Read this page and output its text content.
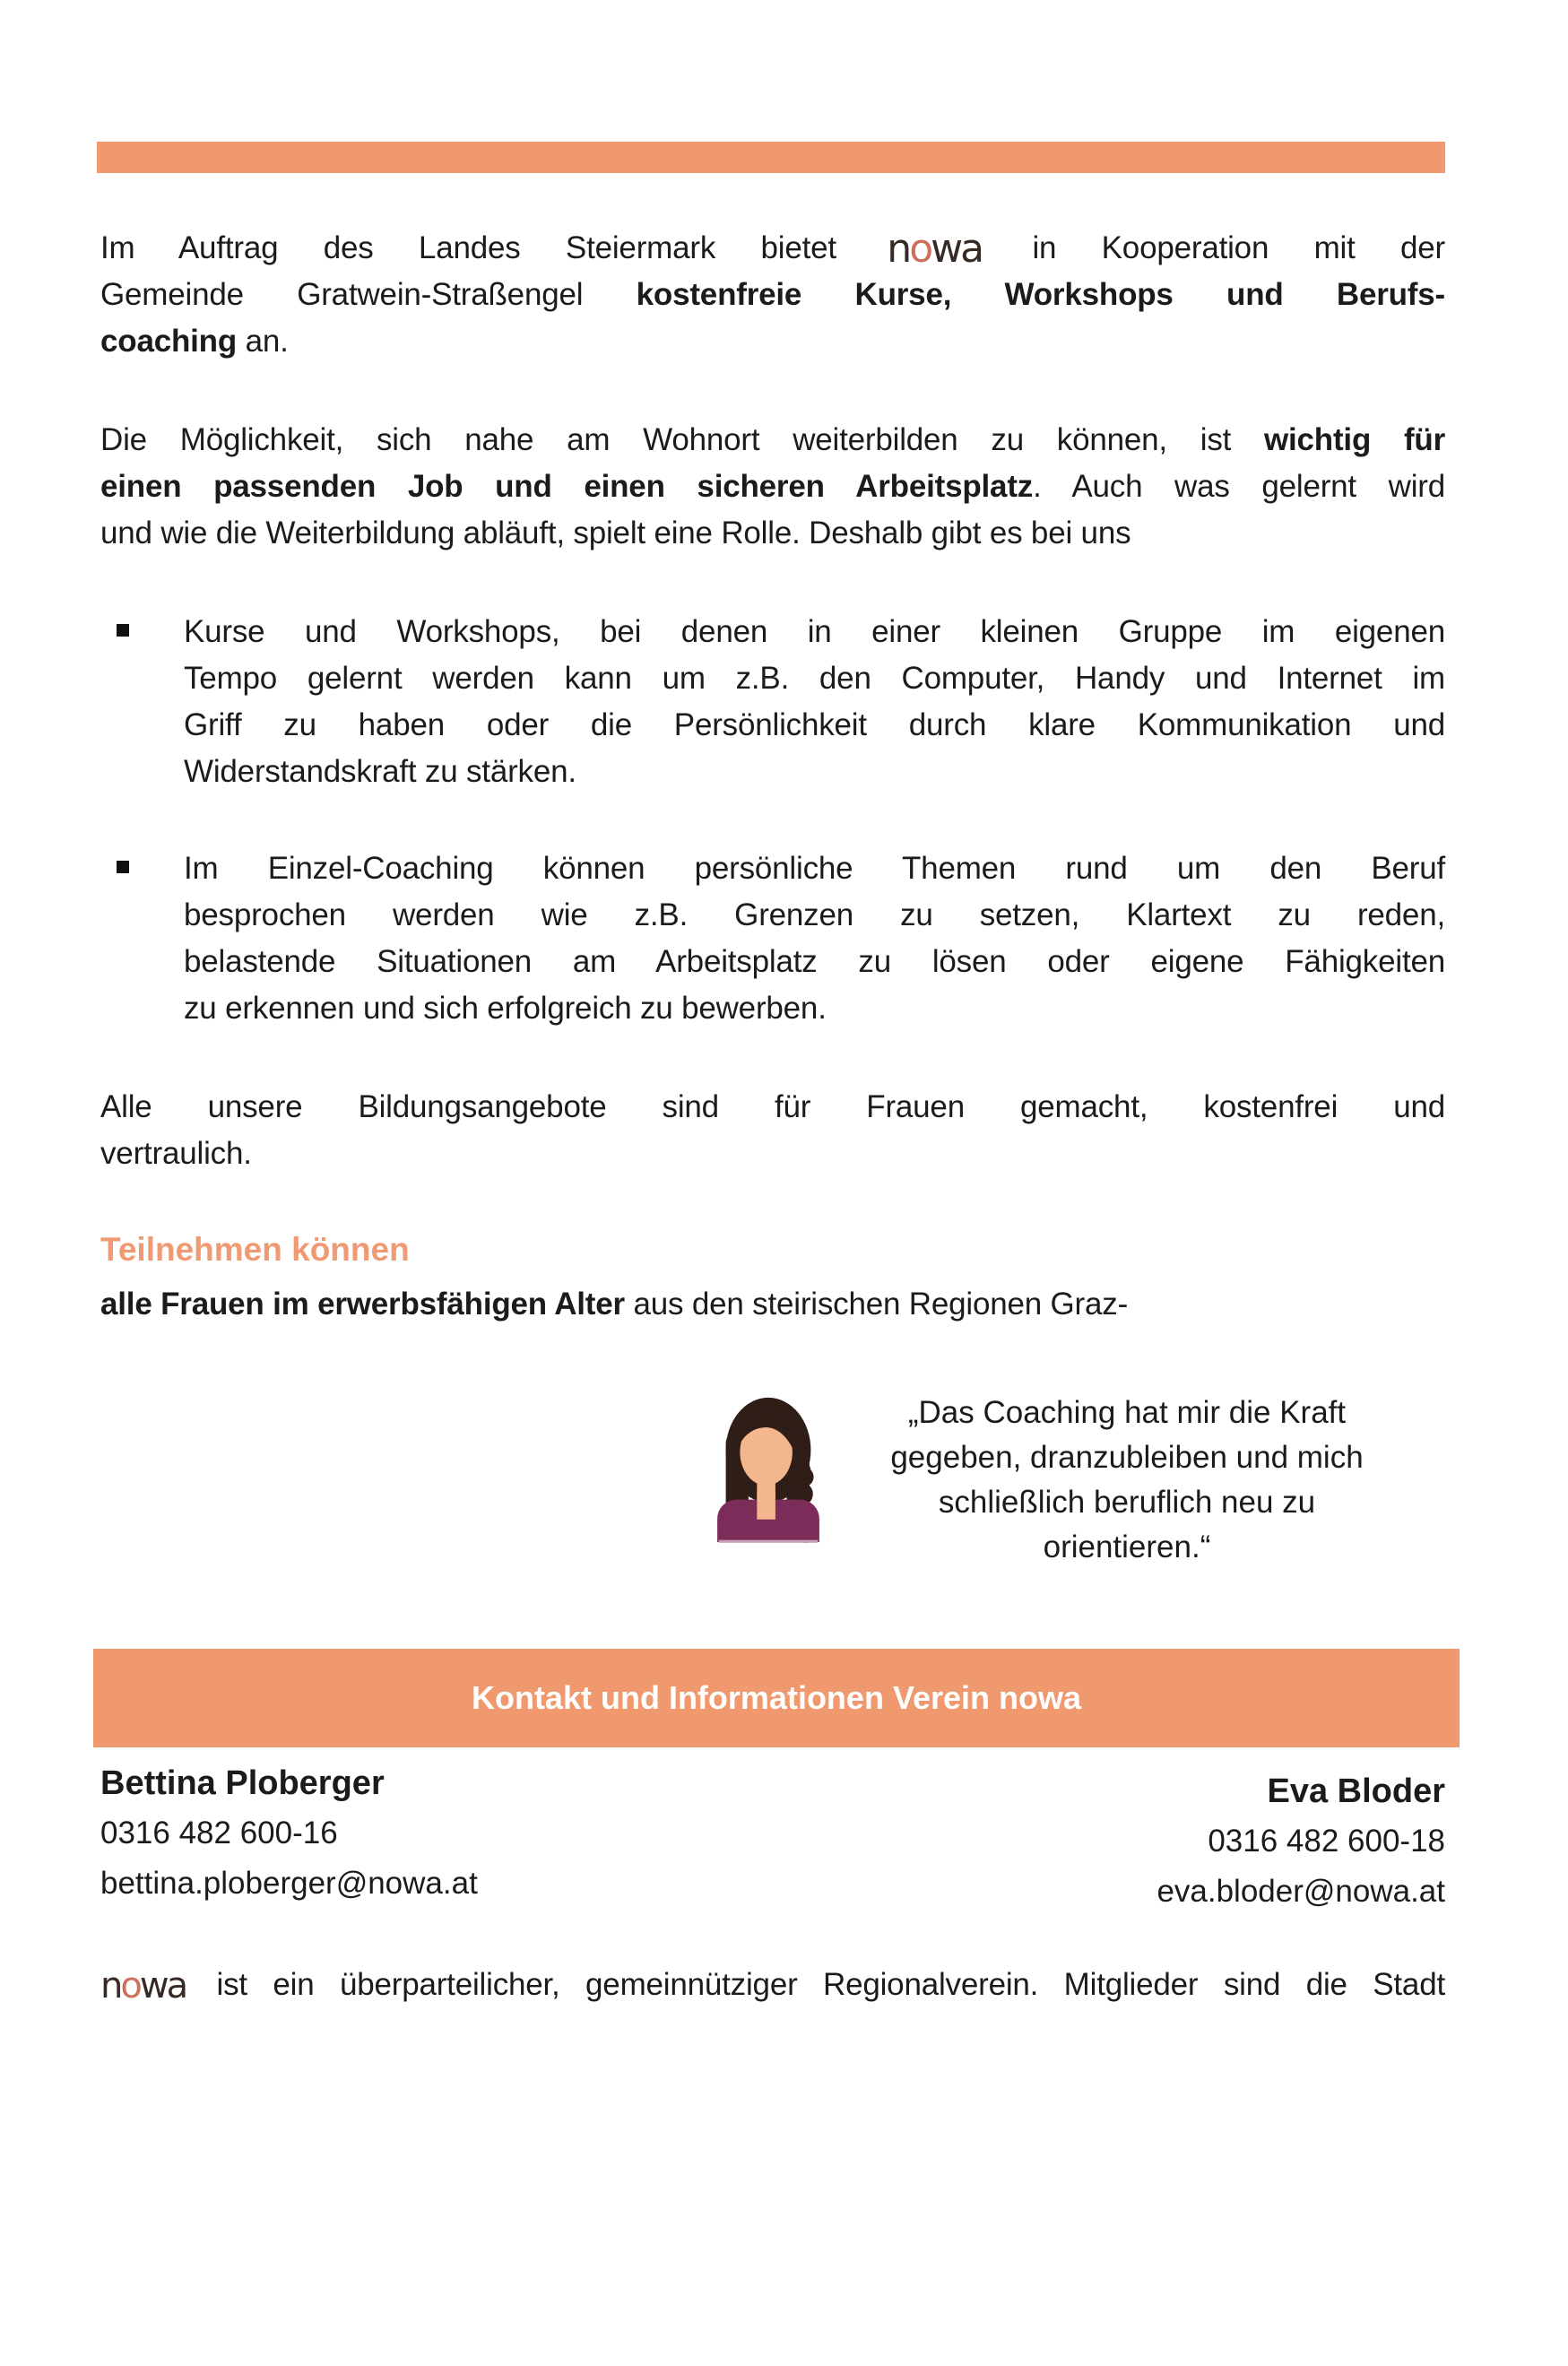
Im Auftrag des Landes Steiermark bietet nowa in Kooperation mit der
Gemeinde Gratwein-Straßengel kostenfreie Kurse, Workshops und Berufs-
coaching an.
Die Möglichkeit, sich nahe am Wohnort weiterbilden zu können, ist wichtig für
einen passenden Job und einen sicheren Arbeitsplatz. Auch was gelernt wird
und wie die Weiterbildung abläuft, spielt eine Rolle. Deshalb gibt es bei uns
Kurse und Workshops, bei denen in einer kleinen Gruppe im eigenen
Tempo gelernt werden kann um z.B. den Computer, Handy und Internet im
Griff zu haben oder die Persönlichkeit durch klare Kommunikation und
Widerstandskraft zu stärken.
Im Einzel-Coaching können persönliche Themen rund um den Beruf
besprochen werden wie z.B. Grenzen zu setzen, Klartext zu reden,
belastende Situationen am Arbeitsplatz zu lösen oder eigene Fähigkeiten
zu erkennen und sich erfolgreich zu bewerben.
Alle unsere Bildungsangebote sind für Frauen gemacht, kostenfrei und
vertraulich.
Teilnehmen können
alle Frauen im erwerbsfähigen Alter aus den steirischen Regionen Graz-
„Das Coaching hat mir die Kraft
gegeben, dranzubleiben und mich
schließlich beruflich neu zu
orientieren.“
Kontakt und Informationen Verein nowa
Bettina Ploberger
0316 482 600-16
bettina.ploberger@nowa.at
Eva Bloder
0316 482 600-18
eva.bloder@nowa.at
nowa ist ein überparteilicher, gemeinnütziger Regionalverein. Mitglieder sind die Stadt
